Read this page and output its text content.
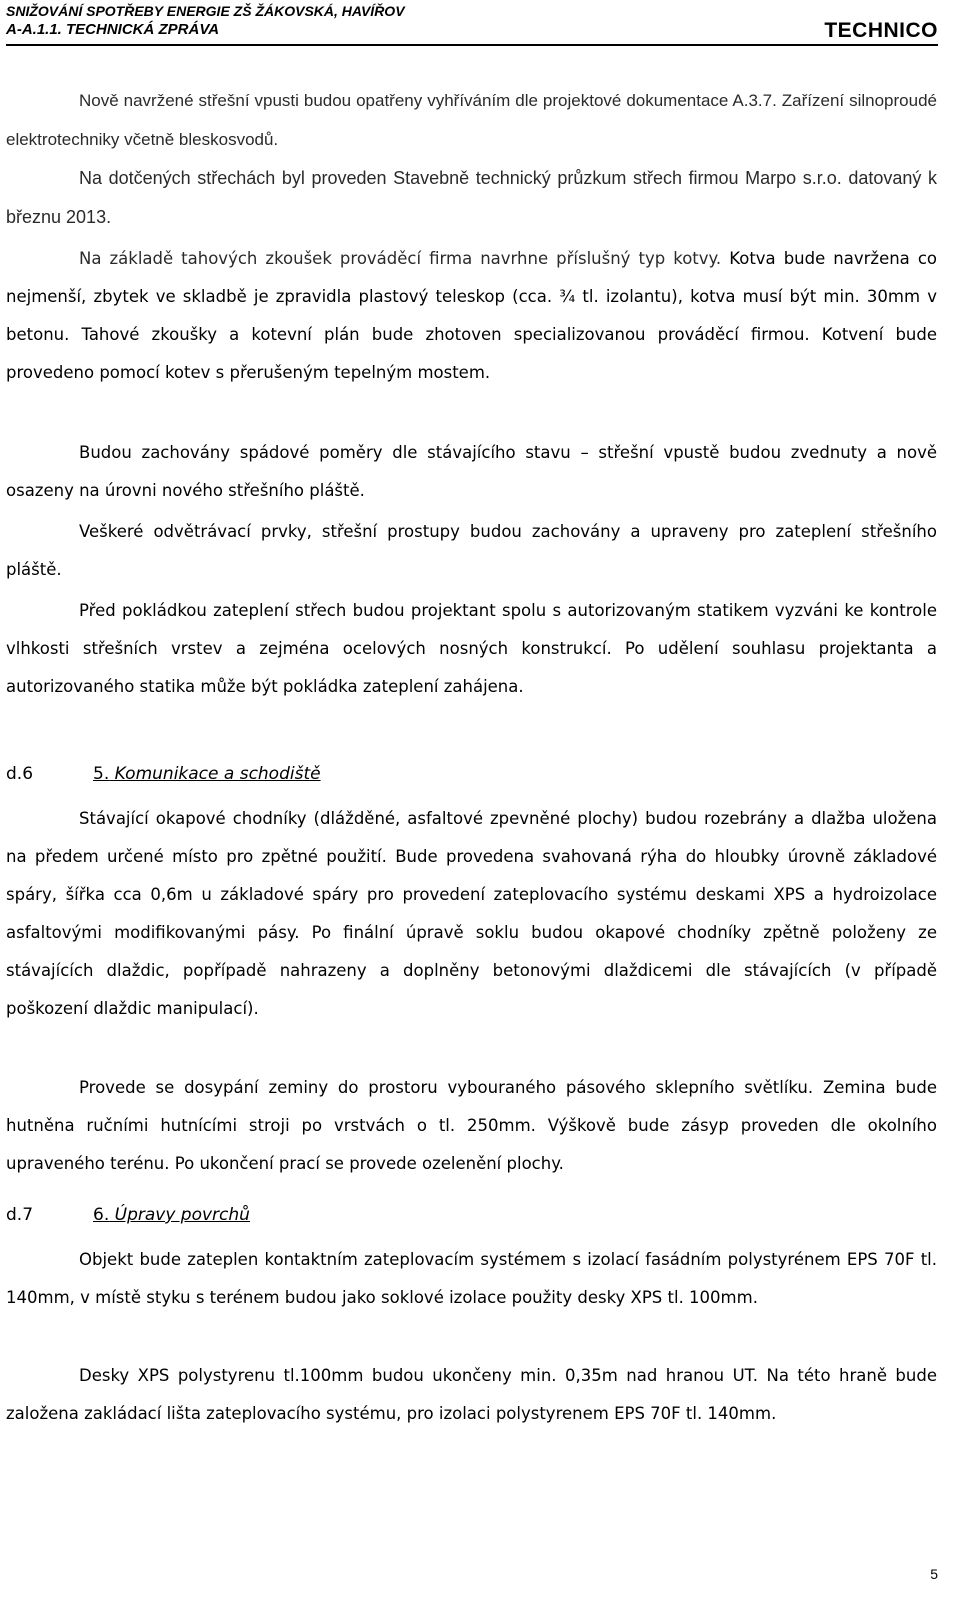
SNIŽOVÁNÍ SPOTŘEBY ENERGIE ZŠ ŽÁKOVSKÁ, HAVÍŘOV
A-A.1.1. TECHNICKÁ ZPRÁVA	TECHNICO

Nově navržené střešní vpusti budou opatřeny vyhříváním dle projektové dokumentace A.3.7. Zařízení silnoproudé elektrotechniky včetně bleskosvodů.

Na dotčených střechách byl proveden Stavebně technický průzkum střech firmou Marpo s.r.o. datovaný k březnu 2013.

Na základě tahových zkoušek prováděcí firma navrhne příslušný typ kotvy. Kotva bude navržena co nejmenší, zbytek ve skladbě je zpravidla plastový teleskop (cca. ¾ tl. izolantu), kotva musí být min. 30mm v betonu. Tahové zkoušky a kotevní plán bude zhotoven specializovanou prováděcí firmou. Kotvení bude provedeno pomocí kotev s přerušeným tepelným mostem.

Budou zachovány spádové poměry dle stávajícího stavu – střešní vpustě budou zvednuty a nově osazeny na úrovni nového střešního pláště.

Veškeré odvětrávací prvky, střešní prostupy budou zachovány a upraveny pro zateplení střešního pláště.

Před pokládkou zateplení střech budou projektant spolu s autorizovaným statikem vyzváni ke kontrole vlhkosti střešních vrstev a zejména ocelových nosných konstrukcí. Po udělení souhlasu projektanta a autorizovaného statika může být pokládka zateplení zahájena.

d.6	5. Komunikace a schodiště

Stávající okapové chodníky (dlážděné, asfaltové zpevněné plochy) budou rozebrány a dlažba uložena na předem určené místo pro zpětné použití. Bude provedena svahovaná rýha do hloubky úrovně základové spáry, šířka cca 0,6m u základové spáry pro provedení zateplovacího systému deskami XPS a hydroizolace asfaltovými modifikovanými pásy. Po finální úpravě soklu budou okapové chodníky zpětně položeny ze stávajících dlaždic, popřípadě nahrazeny a doplněny betonovými dlaždicemi dle stávajících (v případě poškození dlaždic manipulací).

Provede se dosypání zeminy do prostoru vybouraného pásového sklepního světlíku. Zemina bude hutněna ručními hutnícími stroji po vrstvách o tl. 250mm. Výškově bude zásyp proveden dle okolního upraveného terénu. Po ukončení prací se provede ozelenění plochy.

d.7	6. Úpravy povrchů

Objekt bude zateplen kontaktním zateplovacím systémem s izolací fasádním polystyrénem EPS 70F tl. 140mm, v místě styku s terénem budou jako soklové izolace použity desky XPS tl. 100mm.

Desky XPS polystyrenu tl.100mm budou ukončeny min. 0,35m nad hranou UT. Na této hraně bude založena zakládací lišta zateplovacího systému, pro izolaci polystyrenem EPS 70F tl. 140mm.

5
